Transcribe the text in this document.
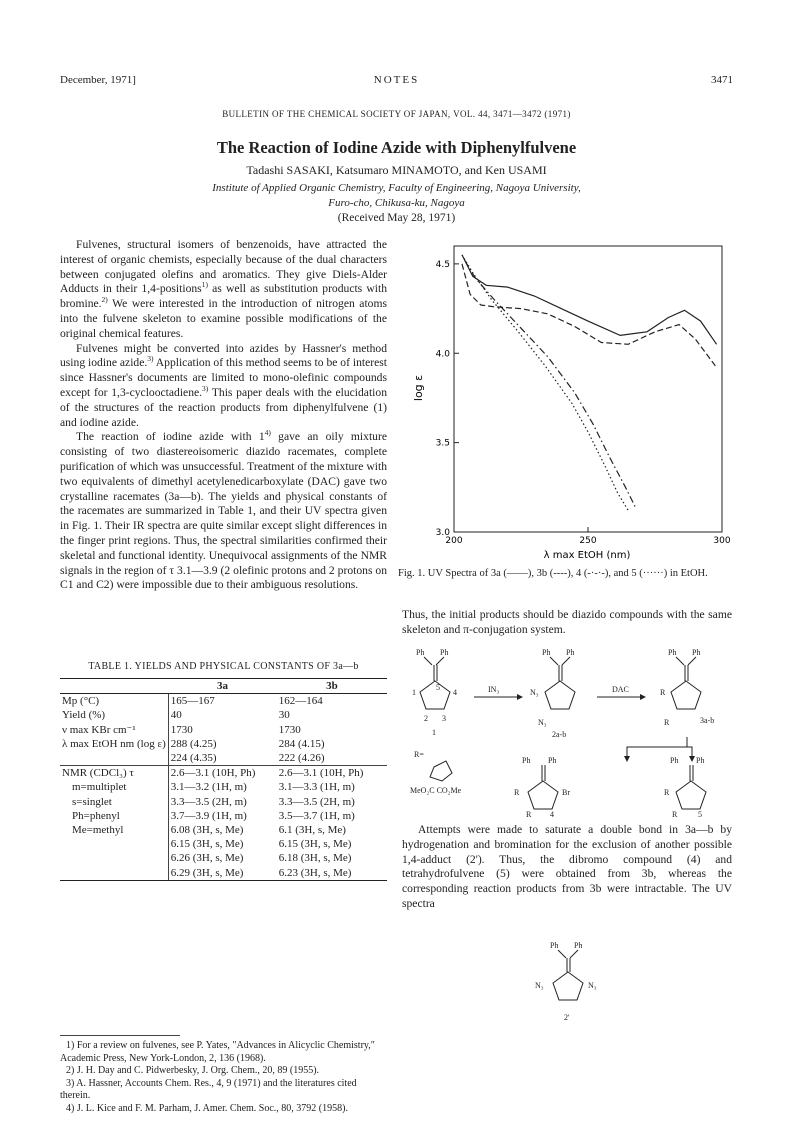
December, 1971]	NOTES	3471
BULLETIN OF THE CHEMICAL SOCIETY OF JAPAN, VOL. 44, 3471—3472 (1971)
The Reaction of Iodine Azide with Diphenylfulvene
Tadashi SASAKI, Katsumaro MINAMOTO, and Ken USAMI
Institute of Applied Organic Chemistry, Faculty of Engineering, Nagoya University,
Furo-cho, Chikusa-ku, Nagoya
(Received May 28, 1971)

Fulvenes, structural isomers of benzenoids, have attracted the interest of organic chemists, especially because of the dual characters between conjugated olefins and aromatics. They give Diels-Alder Adducts in their 1,4-positions$^{1)}$ as well as substitution products with bromine.$^{2)}$ We were interested in the introduction of nitrogen atoms into the fulvene skeleton to examine possible modifications of the original chemical features.

Fulvenes might be converted into azides by Hassner's method using iodine azide.$^{3)}$ Application of this method seems to be of interest since Hassner's documents are limited to mono-olefinic compounds except for 1,3-cyclooctadiene.$^{3)}$ This paper deals with the elucidation of the structures of the reaction products from diphenylfulvene (1) and iodine azide.

The reaction of iodine azide with 1$^{4)}$ gave an oily mixture consisting of two diastereoisomeric diazido racemates, complete purification of which was unsuccessful. Treatment of the mixture with two equivalents of dimethyl acetylenedicarboxylate (DAC) gave two crystalline racemates (3a—b). The yields and physical constants of the racemates are summarized in Table 1, and their UV spectra given in Fig. 1. Their IR spectra are quite similar except slight differences in the finger print regions. Thus, the spectral similarities confirmed their skeletal and functional identity. Unequivocal assignments of the NMR signals in the region of τ 3.1—3.9 (2 olefinic protons and 2 protons on C1 and C2) were impossible due to their ambiguous resolutions.

TABLE 1. YIELDS AND PHYSICAL CONSTANTS OF 3a—b
	3a	3b
Mp (°C)	165—167	162—164
Yield (%)	40	30
ν max KBr cm⁻¹	1730	1730
λ max EtOH nm (log ε)	288 (4.25)	284 (4.15)
	224 (4.35)	222 (4.26)
NMR (CDCl₃) τ	2.6—3.1 (10H, Ph)	2.6—3.1 (10H, Ph)
m=multiplet	3.1—3.2 (1H, m)	3.1—3.3 (1H, m)
s=singlet	3.3—3.5 (2H, m)	3.3—3.5 (2H, m)
Ph=phenyl	3.7—3.9 (1H, m)	3.5—3.7 (1H, m)
Me=methyl	6.08 (3H, s, Me)	6.1 (3H, s, Me)
	6.15 (3H, s, Me)	6.15 (3H, s, Me)
	6.26 (3H, s, Me)	6.18 (3H, s, Me)
	6.29 (3H, s, Me)	6.23 (3H, s, Me)
1) For a review on fulvenes, see P. Yates, "Advances in Alicyclic Chemistry," Academic Press, New York-London, 2, 136 (1968).
2) J. H. Day and C. Pidwerbesky, J. Org. Chem., 20, 89 (1955).
3) A. Hassner, Accounts Chem. Res., 4, 9 (1971) and the literatures cited therein.
4) J. L. Kice and F. M. Parham, J. Amer. Chem. Soc., 80, 3792 (1958).
3.0
3.5
4.0
4.5
200	250	300
log ε
λ max EtOH (nm)
Fig. 1. UV Spectra of 3a (——), 3b (----), 4 (-·-·-), and 5 (······) in EtOH.

Thus, the initial products should be diazido compounds with the same skeleton and π-conjugation system.

Ph Ph
2 3
1	4
5
1
IN₃
Ph Ph
N₃
N₃
2a-b
DAC
Ph Ph
R
R	3a-b
R=
MeO₂C CO₂Me
Ph Ph
R	Br
R 4
Ph Ph
R
R	5

Attempts were made to saturate a double bond in 3a—b by hydrogenation and bromination for the exclusion of another possible 1,4-adduct (2'). Thus, the dibromo compound (4) and tetrahydrofulvene (5) were obtained from 3b, whereas the corresponding reaction products from 3b were intractable. The UV spectra

Ph Ph
N₃	N₃
2'
